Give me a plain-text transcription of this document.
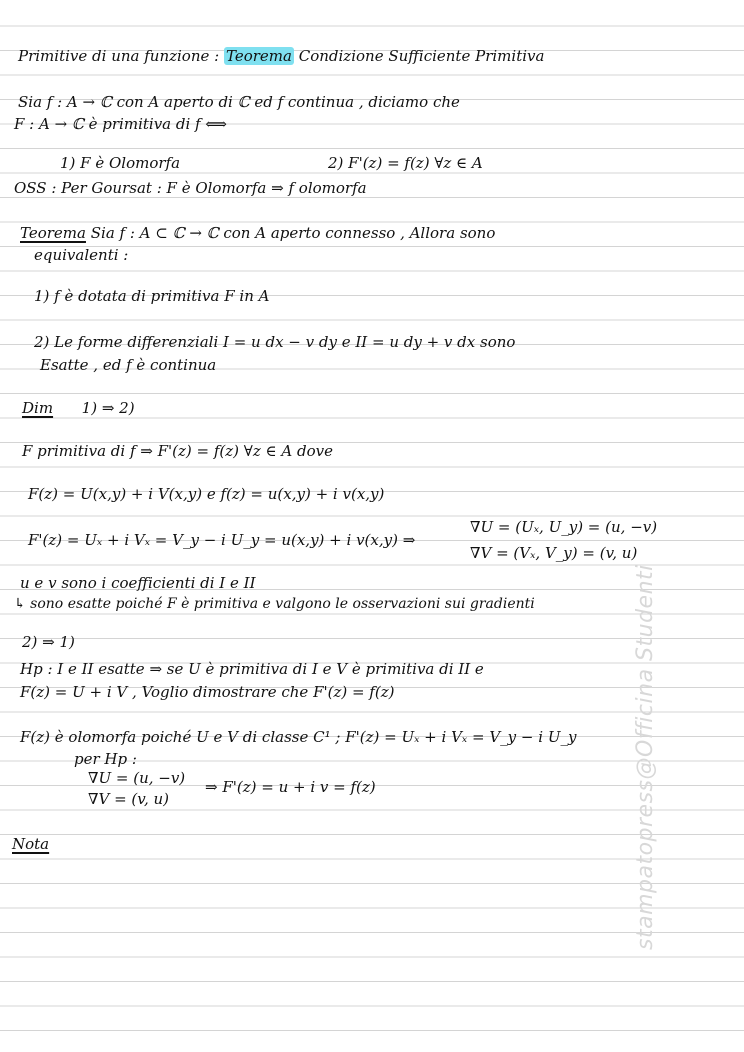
Primitive di una funzione : Teorema Condizione Sufficiente Primitiva

Sia f : A → ℂ con A aperto di ℂ ed f continua , diciamo che

F : A → ℂ è primitiva di f ⟺

1) F è Olomorfa	2) F'(z) = f(z) ∀z ∈ A

OSS : Per Goursat : F è Olomorfa ⇒ f olomorfa

Teorema Sia f : A ⊂ ℂ → ℂ con A aperto connesso , Allora sono

equivalenti :

1) f è dotata di primitiva F in A

2) Le forme differenziali I = u dx − v dy e II = u dy + v dx sono

Esatte , ed f è continua

Dim 1) ⇒ 2)

F primitiva di f ⇒ F'(z) = f(z) ∀z ∈ A dove

F(z) = U(x,y) + i V(x,y) e f(z) = u(x,y) + i v(x,y)

F'(z) = Uₓ + i Vₓ = V_y − i U_y = u(x,y) + i v(x,y) ⇒

∇U = (Uₓ, U_y) = (u, −v)

∇V = (Vₓ, V_y) = (v, u)

u e v sono i coefficienti di I e II

↳ sono esatte poiché F è primitiva e valgono le osservazioni sui gradienti

2) ⇒ 1)

Hp : I e II esatte ⇒ se U è primitiva di I e V è primitiva di II e

F(z) = U + i V , Voglio dimostrare che F'(z) = f(z)

F(z) è olomorfa poiché U e V di classe C¹ ; F'(z) = Uₓ + i Vₓ = V_y − i U_y

per Hp :

∇U = (u, −v)

∇V = (v, u)

⇒ F'(z) = u + i v = f(z)

Nota	stampatopress@Officina Studenti
